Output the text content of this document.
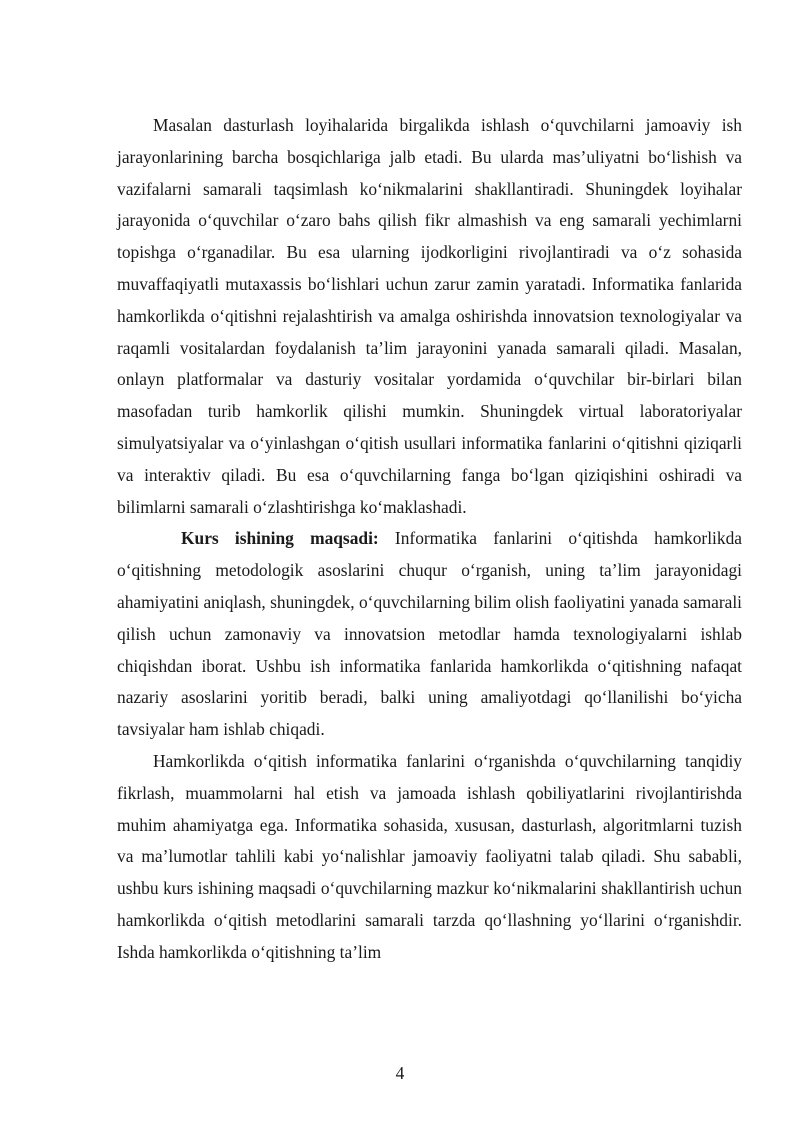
Masalan dasturlash loyihalarida birgalikda ishlash o‘quvchilarni jamoaviy ish jarayonlarining barcha bosqichlariga jalb etadi. Bu ularda mas’uliyatni bo‘lishish va vazifalarni samarali taqsimlash ko‘nikmalarini shakllantiradi. Shuningdek loyihalar jarayonida o‘quvchilar o‘zaro bahs qilish fikr almashish va eng samarali yechimlarni topishga o‘rganadilar. Bu esa ularning ijodkorligini rivojlantiradi va o‘z sohasida muvaffaqiyatli mutaxassis bo‘lishlari uchun zarur zamin yaratadi. Informatika fanlarida hamkorlikda o‘qitishni rejalashtirish va amalga oshirishda innovatsion texnologiyalar va raqamli vositalardan foydalanish ta’lim jarayonini yanada samarali qiladi. Masalan, onlayn platformalar va dasturiy vositalar yordamida o‘quvchilar bir-birlari bilan masofadan turib hamkorlik qilishi mumkin. Shuningdek virtual laboratoriyalar simulyatsiyalar va o‘yinlashgan o‘qitish usullari informatika fanlarini o‘qitishni qiziqarli va interaktiv qiladi. Bu esa o‘quvchilarning fanga bo‘lgan qiziqishini oshiradi va bilimlarni samarali o‘zlashtirishga ko‘maklashadi.

Kurs ishining maqsadi: Informatika fanlarini o‘qitishda hamkorlikda o‘qitishning metodologik asoslarini chuqur o‘rganish, uning ta’lim jarayonidagi ahamiyatini aniqlash, shuningdek, o‘quvchilarning bilim olish faoliyatini yanada samarali qilish uchun zamonaviy va innovatsion metodlar hamda texnologiyalarni ishlab chiqishdan iborat. Ushbu ish informatika fanlarida hamkorlikda o‘qitishning nafaqat nazariy asoslarini yoritib beradi, balki uning amaliyotdagi qo‘llanilishi bo‘yicha tavsiyalar ham ishlab chiqadi.

Hamkorlikda o‘qitish informatika fanlarini o‘rganishda o‘quvchilarning tanqidiy fikrlash, muammolarni hal etish va jamoada ishlash qobiliyatlarini rivojlantirishda muhim ahamiyatga ega. Informatika sohasida, xususan, dasturlash, algoritmlarni tuzish va ma’lumotlar tahlili kabi yo‘nalishlar jamoaviy faoliyatni talab qiladi. Shu sababli, ushbu kurs ishining maqsadi o‘quvchilarning mazkur ko‘nikmalarini shakllantirish uchun hamkorlikda o‘qitish metodlarini samarali tarzda qo‘llashning yo‘llarini o‘rganishdir. Ishda hamkorlikda o‘qitishning ta’lim

4
